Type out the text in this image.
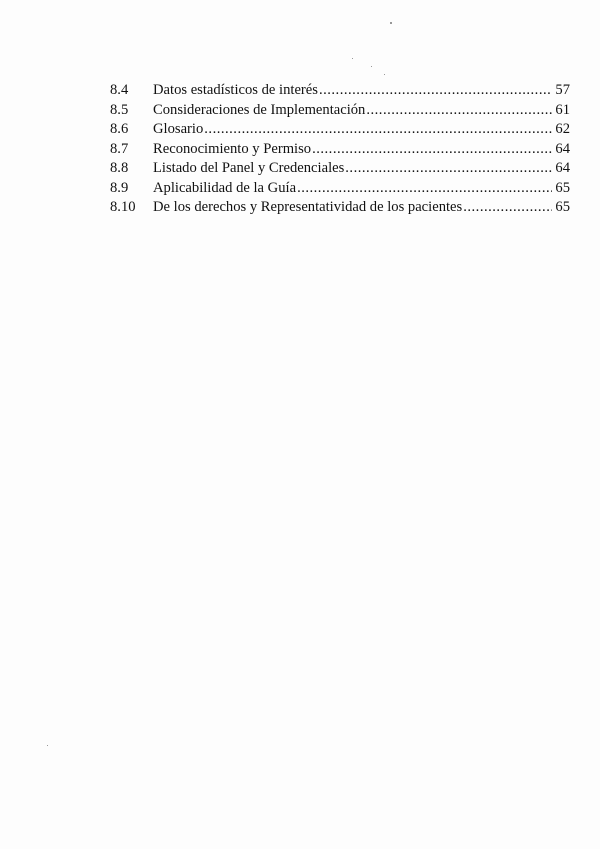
8.4	Datos estadísticos de interés .....	57
8.5	Consideraciones de Implementación .....	61
8.6	Glosario .....	62
8.7	Reconocimiento y Permiso .....	64
8.8	Listado del Panel y Credenciales .....	64
8.9	Aplicabilidad de la Guía .....	65
8.10	De los derechos y Representatividad de los pacientes .....	65
